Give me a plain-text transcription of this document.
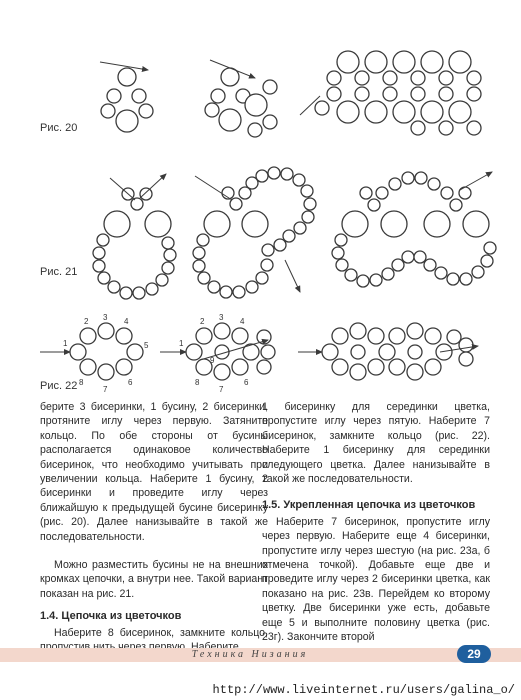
Рис. 20
Рис. 21
Рис. 22
1
2 3 4
5
6
7
8
1
2 3 4
9
6
7
8

берите 3 бисеринки, 1 бусину, 2 бисеринки, протяните иглу через первую. Затяните кольцо. По обе стороны от бусины располагается одинаковое количество бисеринок, что необходимо учитывать при увеличении кольца. Наберите 1 бусину, 2 бисеринки и проведите иглу через ближайшую к предыдущей бусине бисеринку (рис. 20). Далее нанизывайте в такой же последовательности.

Можно разместить бусины не на внешних кромках цепочки, а внутри нее. Такой вариант показан на рис. 21.

1.4. Цепочка из цветочков

Наберите 8 бисеринок, замкните кольцо,

1 бисеринку для серединки цветка, пропустите иглу через пятую. Наберите 7 бисеринок, замкните кольцо (рис. 22). Наберите 1 бисеринку для серединки следующего цветка. Далее нанизывайте в такой же последовательности.

1.5. Укрепленная цепочка из цветочков

Наберите 7 бисеринок, пропустите иглу через первую. Наберите еще 4 бисеринки, пропустите иглу через шестую (на рис. 23а, б отмечена точкой). Добавьте еще две и проведите иглу через 2 бисеринки цветка, как показано на рис. 23в. Перейдем ко второму цветку. Две бисеринки уже есть, добавьте еще 5 и выполните половину цветка (рис. 23г). Закончите второй

Техника Низания	29
http://www.liveinternet.ru/users/galina_o/
